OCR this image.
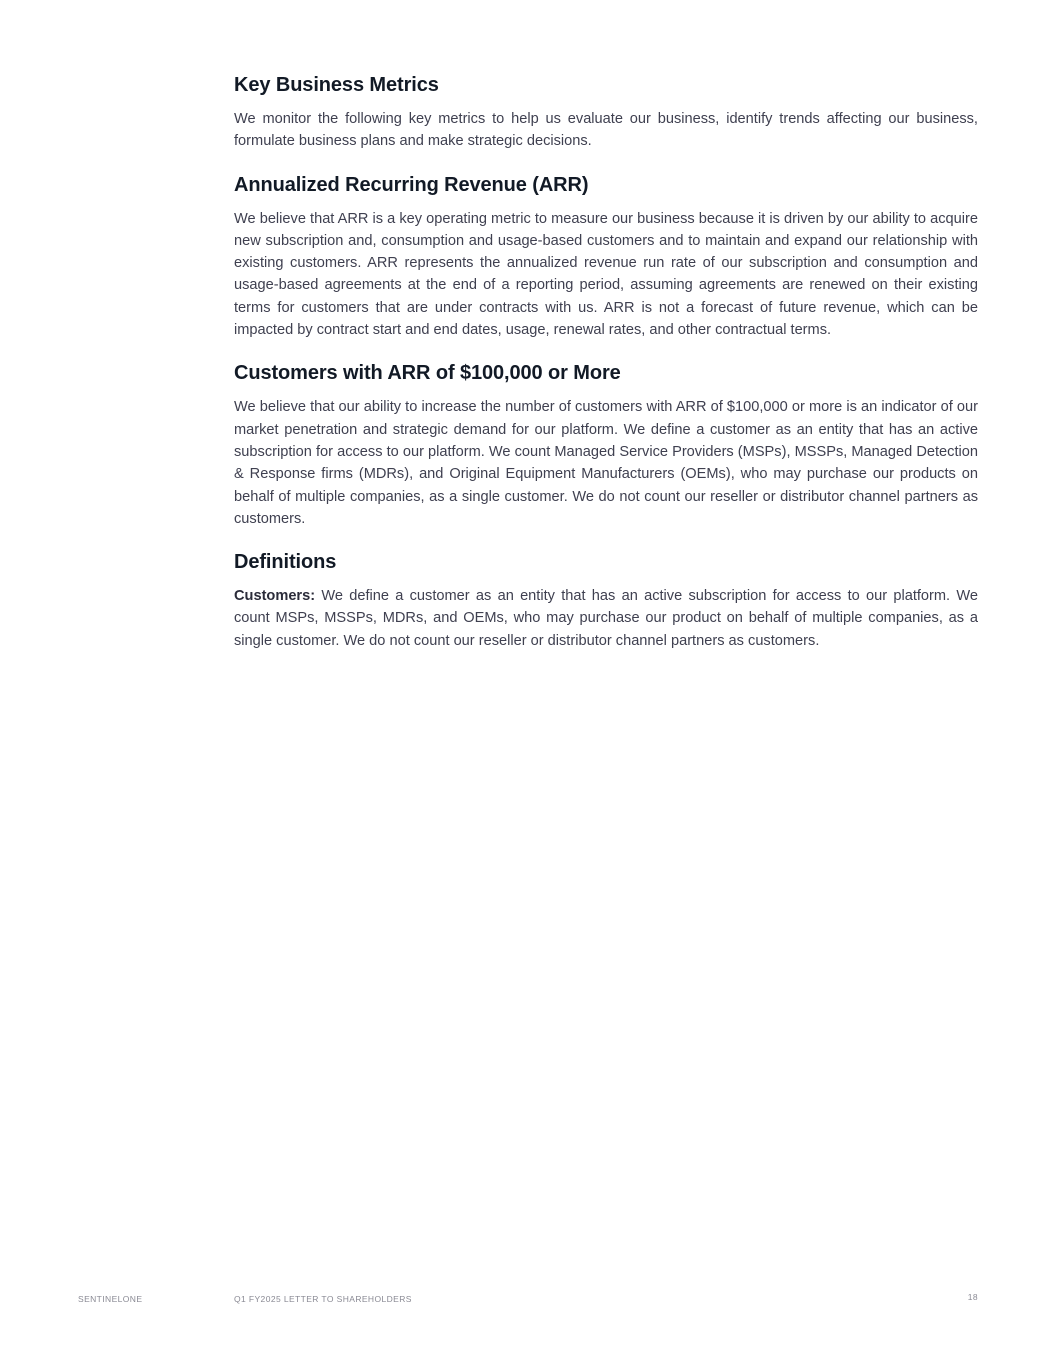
Key Business Metrics

We monitor the following key metrics to help us evaluate our business, identify trends affecting our business, formulate business plans and make strategic decisions.

Annualized Recurring Revenue (ARR)

We believe that ARR is a key operating metric to measure our business because it is driven by our ability to acquire new subscription and, consumption and usage-based customers and to maintain and expand our relationship with existing customers. ARR represents the annualized revenue run rate of our subscription and consumption and usage-based agreements at the end of a reporting period, assuming agreements are renewed on their existing terms for customers that are under contracts with us. ARR is not a forecast of future revenue, which can be impacted by contract start and end dates, usage, renewal rates, and other contractual terms.

Customers with ARR of $100,000 or More

We believe that our ability to increase the number of customers with ARR of $100,000 or more is an indicator of our market penetration and strategic demand for our platform. We define a customer as an entity that has an active subscription for access to our platform. We count Managed Service Providers (MSPs), MSSPs, Managed Detection & Response firms (MDRs), and Original Equipment Manufacturers (OEMs), who may purchase our products on behalf of multiple companies, as a single customer. We do not count our reseller or distributor channel partners as customers.

Definitions

Customers: We define a customer as an entity that has an active subscription for access to our platform. We count MSPs, MSSPs, MDRs, and OEMs, who may purchase our product on behalf of multiple companies, as a single customer. We do not count our reseller or distributor channel partners as customers.

SENTINELONE	Q1 FY2025 LETTER TO SHAREHOLDERS	18
